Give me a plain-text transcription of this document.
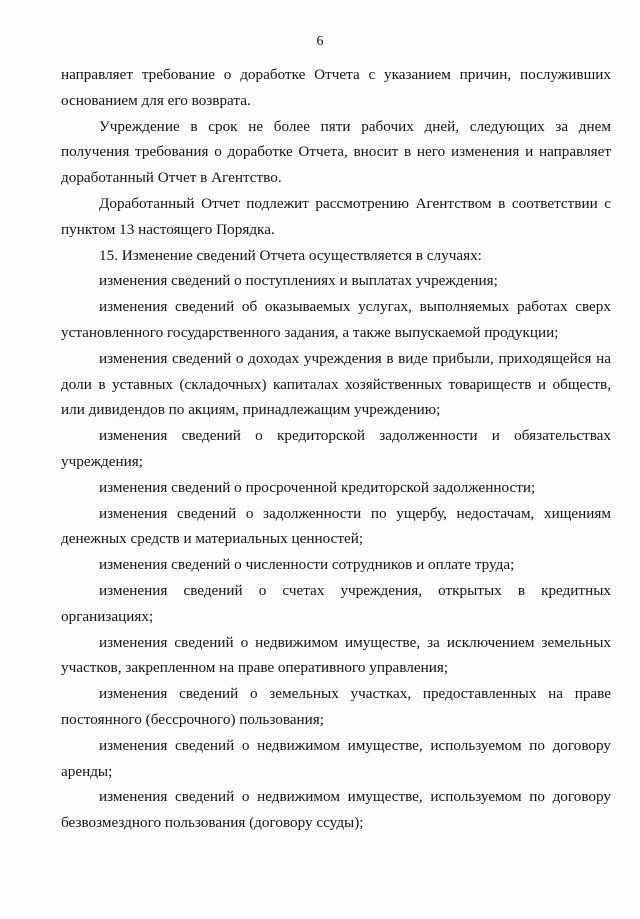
6

направляет требование о доработке Отчета с указанием причин, послуживших основанием для его возврата.

Учреждение в срок не более пяти рабочих дней, следующих за днем получения требования о доработке Отчета, вносит в него изменения и направляет доработанный Отчет в Агентство.

Доработанный Отчет подлежит рассмотрению Агентством в соответствии с пунктом 13 настоящего Порядка.

15. Изменение сведений Отчета осуществляется в случаях:

изменения сведений о поступлениях и выплатах учреждения;

изменения сведений об оказываемых услугах, выполняемых работах сверх установленного государственного задания, а также выпускаемой продукции;

изменения сведений о доходах учреждения в виде прибыли, приходящейся на доли в уставных (складочных) капиталах хозяйственных товариществ и обществ, или дивидендов по акциям, принадлежащим учреждению;

изменения сведений о кредиторской задолженности и обязательствах учреждения;

изменения сведений о просроченной кредиторской задолженности;

изменения сведений о задолженности по ущербу, недостачам, хищениям денежных средств и материальных ценностей;

изменения сведений о численности сотрудников и оплате труда;

изменения сведений о счетах учреждения, открытых в кредитных организациях;

изменения сведений о недвижимом имуществе, за исключением земельных участков, закрепленном на праве оперативного управления;

изменения сведений о земельных участках, предоставленных на праве постоянного (бессрочного) пользования;

изменения сведений о недвижимом имуществе, используемом по договору аренды;

изменения сведений о недвижимом имуществе, используемом по договору безвозмездного пользования (договору ссуды);
